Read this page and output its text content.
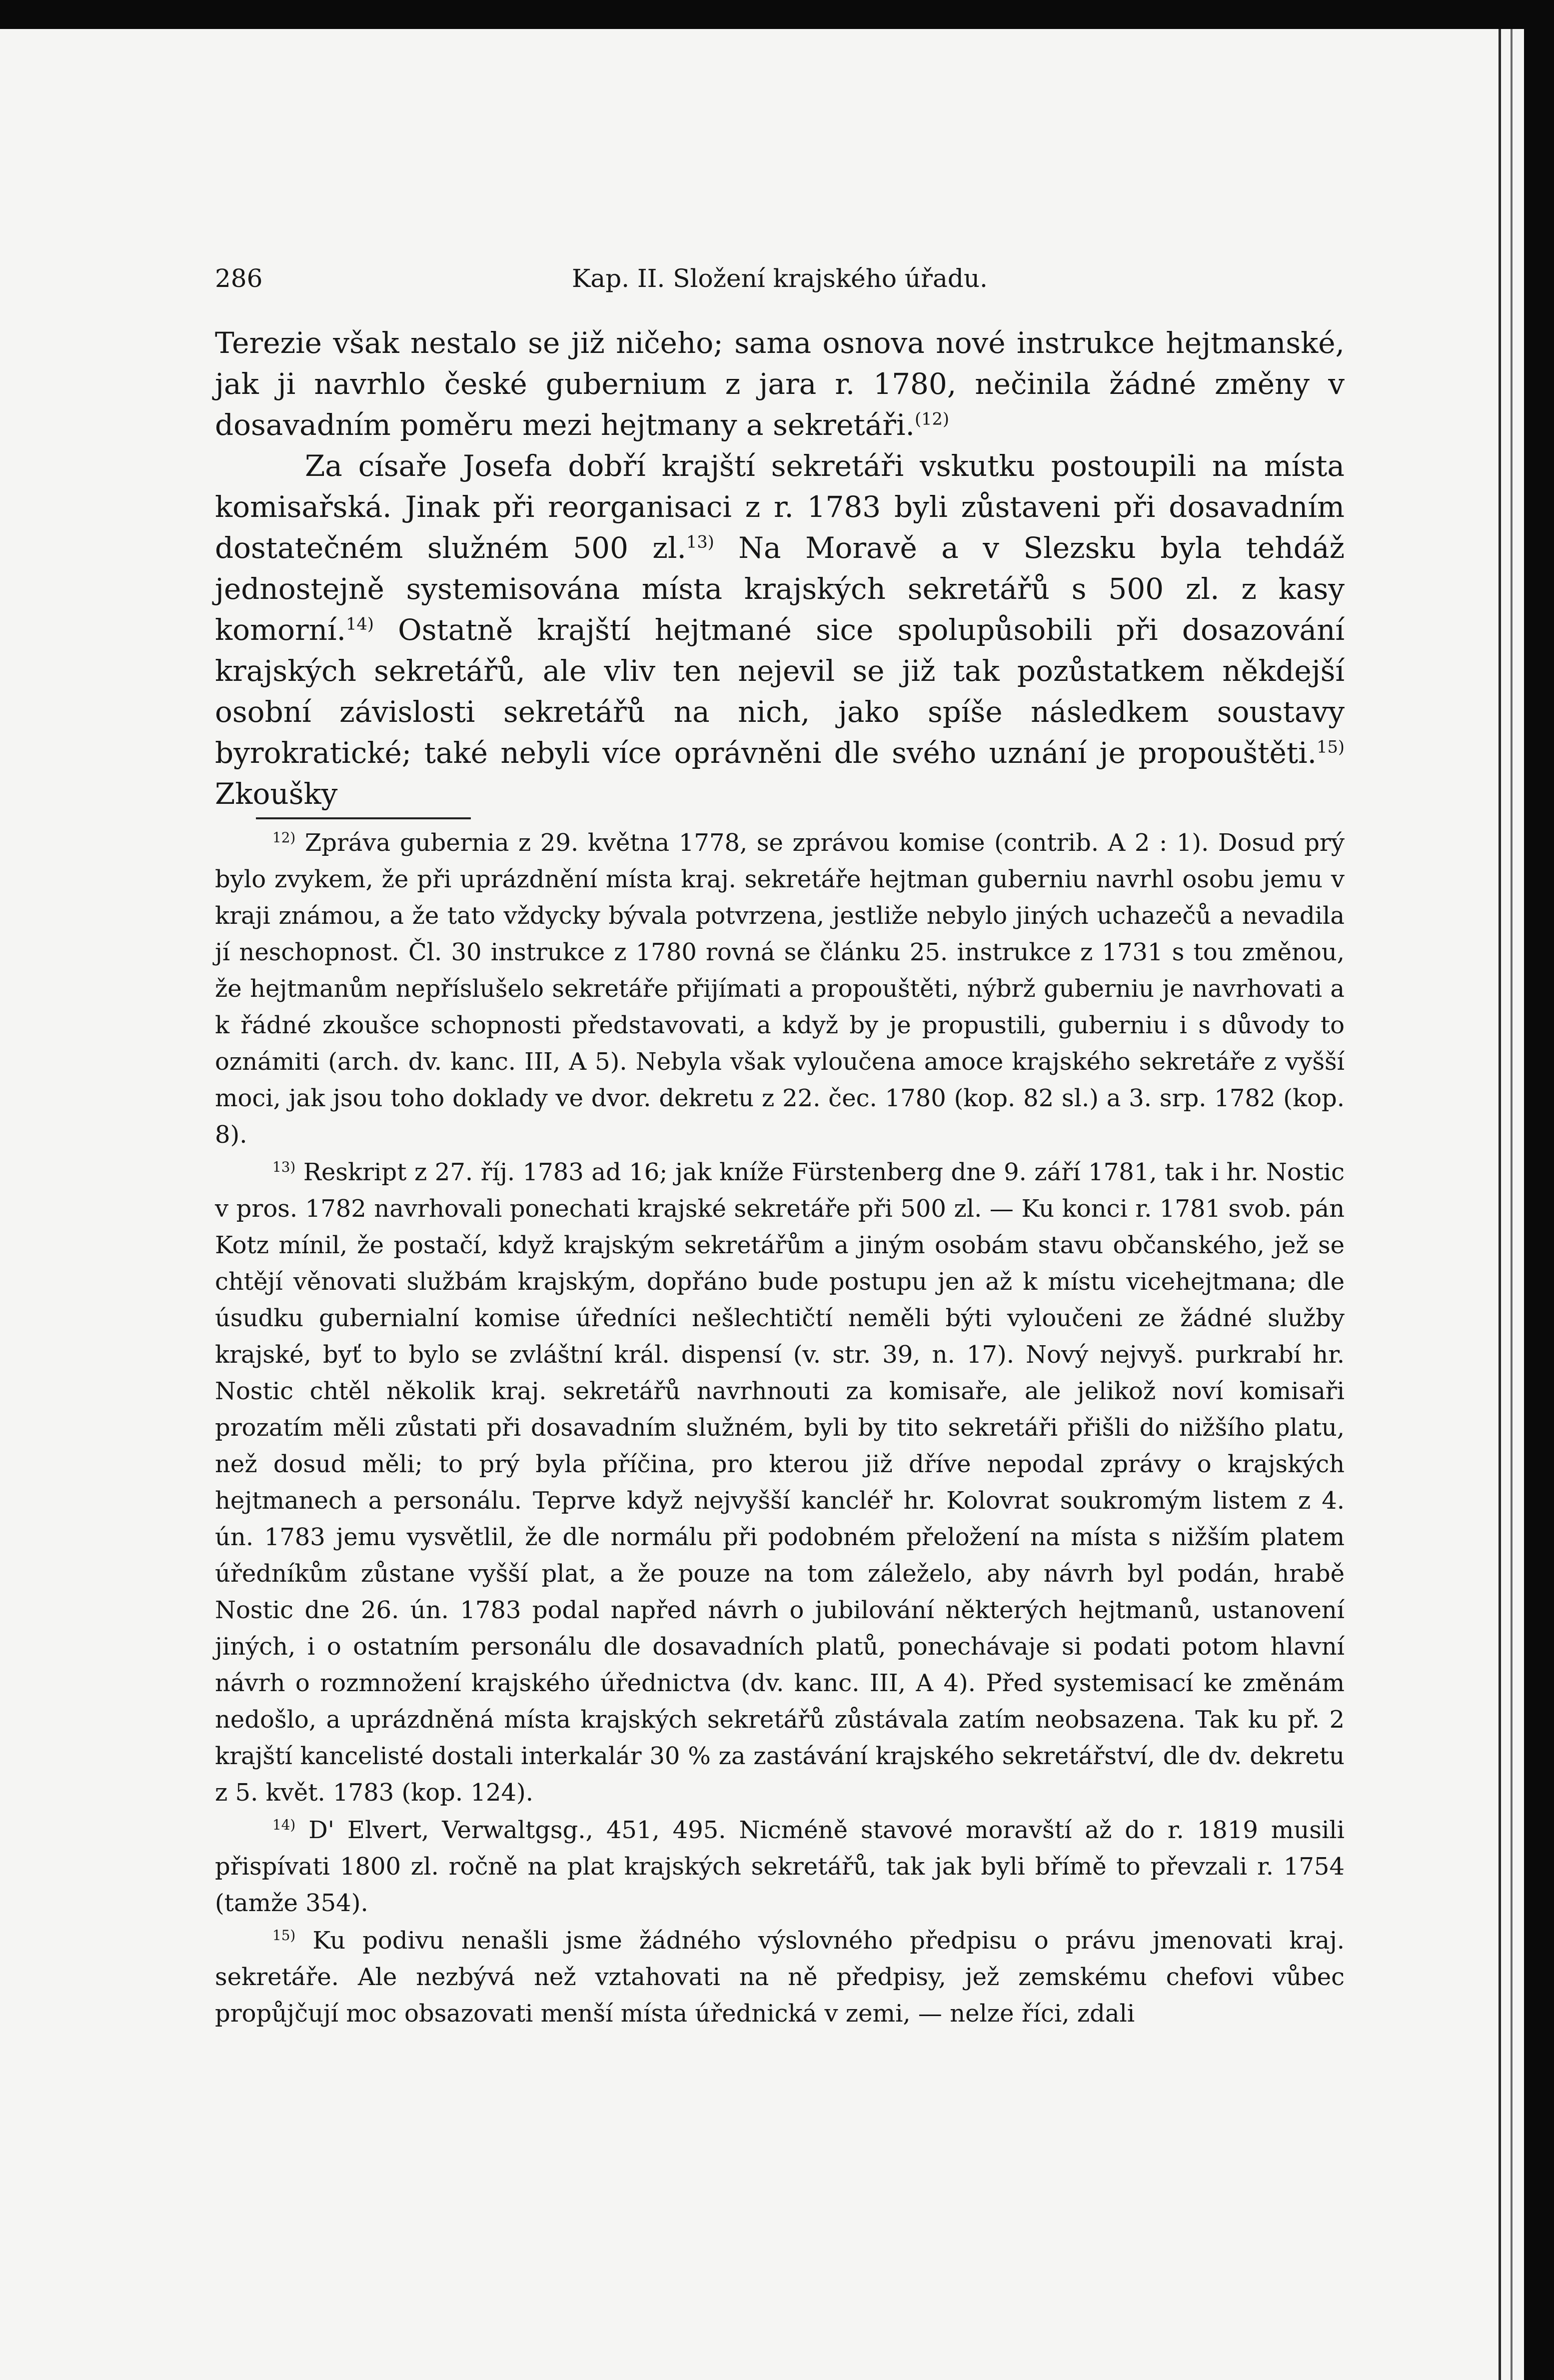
286	Kap. II. Složení krajského úřadu.

Terezie však nestalo se již ničeho; sama osnova nové instrukce hejtmanské, jak ji navrhlo české gubernium z jara r. 1780, nečinila žádné změny v dosavadním poměru mezi hejtmany a sekretáři.$^{(12)}$

Za císaře Josefa dobří krajští sekretáři vskutku postoupili na místa komisařská. Jinak při reorganisaci z r. 1783 byli zůstaveni při dosavadním dostatečném služném 500 zl.$^{13)}$ Na Moravě a v Slezsku byla tehdáž jednostejně systemisována místa krajských sekretářů s 500 zl. z kasy komorní.$^{14)}$ Ostatně krajští hejtmané sice spolupůsobili při dosazování krajských sekretářů, ale vliv ten nejevil se již tak pozůstatkem někdejší osobní závislosti sekretářů na nich, jako spíše následkem soustavy byrokratické; také nebyli více oprávněni dle svého uznání je propouštěti.$^{15)}$ Zkoušky

$^{12)}$ Zpráva gubernia z 29. května 1778, se zprávou komise (contrib. A 2 : 1). Dosud prý bylo zvykem, že při uprázdnění místa kraj. sekretáře hejtman guberniu navrhl osobu jemu v kraji známou, a že tato vždycky bývala potvrzena, jestliže nebylo jiných uchazečů a nevadila jí neschopnost. Čl. 30 instrukce z 1780 rovná se článku 25. instrukce z 1731 s tou změnou, že hejtmanům nepříslušelo sekretáře přijímati a propouštěti, nýbrž guberniu je navrhovati a k řádné zkoušce schopnosti představovati, a když by je propustili, guberniu i s důvody to oznámiti (arch. dv. kanc. III, A 5). Nebyla však vyloučena amoce krajského sekretáře z vyšší moci, jak jsou toho doklady ve dvor. dekretu z 22. čec. 1780 (kop. 82 sl.) a 3. srp. 1782 (kop. 8).

$^{13)}$ Reskript z 27. říj. 1783 ad 16; jak kníže Fürstenberg dne 9. září 1781, tak i hr. Nostic v pros. 1782 navrhovali ponechati krajské sekretáře při 500 zl. — Ku konci r. 1781 svob. pán Kotz mínil, že postačí, když krajským sekretářům a jiným osobám stavu občanského, jež se chtějí věnovati službám krajským, dopřáno bude postupu jen až k místu vicehejtmana; dle úsudku gubernialní komise úředníci nešlechtičtí neměli býti vyloučeni ze žádné služby krajské, byť to bylo se zvláštní král. dispensí (v. str. 39, n. 17). Nový nejvyš. purkrabí hr. Nostic chtěl několik kraj. sekretářů navrhnouti za komisaře, ale jelikož noví komisaři prozatím měli zůstati při dosavadním služném, byli by tito sekretáři přišli do nižšího platu, než dosud měli; to prý byla příčina, pro kterou již dříve nepodal zprávy o krajských hejtmanech a personálu. Teprve když nejvyšší kancléř hr. Kolovrat soukromým listem z 4. ún. 1783 jemu vysvětlil, že dle normálu při podobném přeložení na místa s nižším platem úředníkům zůstane vyšší plat, a že pouze na tom záleželo, aby návrh byl podán, hrabě Nostic dne 26. ún. 1783 podal napřed návrh o jubilování některých hejtmanů, ustanovení jiných, i o ostatním personálu dle dosavadních platů, ponechávaje si podati potom hlavní návrh o rozmnožení krajského úřednictva (dv. kanc. III, A 4). Před systemisací ke změnám nedošlo, a uprázdněná místa krajských sekretářů zůstávala zatím neobsazena. Tak ku př. 2 krajští kancelisté dostali interkalár 30 % za zastávání krajského sekretářství, dle dv. dekretu z 5. květ. 1783 (kop. 124).

$^{14)}$ D' Elvert, Verwaltgsg., 451, 495. Nicméně stavové moravští až do r. 1819 musili přispívati 1800 zl. ročně na plat krajských sekretářů, tak jak byli břímě to převzali r. 1754 (tamže 354).

$^{15)}$ Ku podivu nenašli jsme žádného výslovného předpisu o právu jmenovati kraj. sekretáře. Ale nezbývá než vztahovati na ně předpisy, jež zemskému chefovi vůbec propůjčují moc obsazovati menší místa úřednická v zemi, — nelze říci, zdali
